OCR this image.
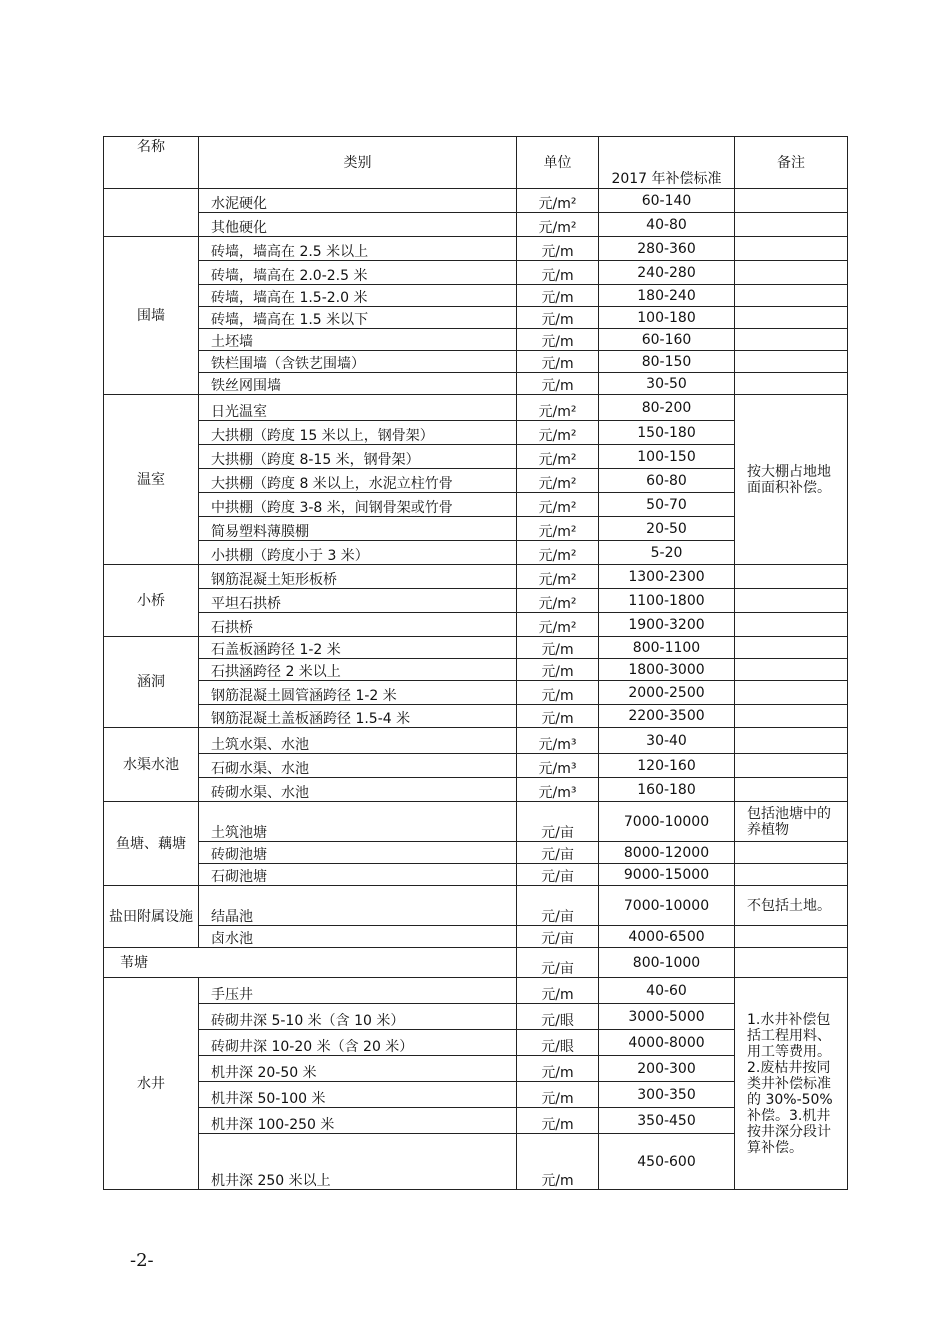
名称	类别	单位	2017 年补偿标准	备注
	水泥硬化	元/m²	60-140	
	其他硬化	元/m²	40-80	
围墙	砖墙，墙高在 2.5 米以上	元/m	280-360	
	砖墙，墙高在 2.0-2.5 米	元/m	240-280	
	砖墙，墙高在 1.5-2.0 米	元/m	180-240	
	砖墙，墙高在 1.5 米以下	元/m	100-180	
	土坯墙	元/m	60-160	
	铁栏围墙（含铁艺围墙）	元/m	80-150	
	铁丝网围墙	元/m	30-50	
温室	日光温室	元/m²	80-200	按大棚占地地面面积补偿。
	大拱棚（跨度 15 米以上，钢骨架）	元/m²	150-180	
	大拱棚（跨度 8-15 米，钢骨架）	元/m²	100-150	
	大拱棚（跨度 8 米以上，水泥立柱竹骨	元/m²	60-80	
	中拱棚（跨度 3-8 米，间钢骨架或竹骨	元/m²	50-70	
	简易塑料薄膜棚	元/m²	20-50	
	小拱棚（跨度小于 3 米）	元/m²	5-20	
小桥	钢筋混凝土矩形板桥	元/m²	1300-2300	
	平坦石拱桥	元/m²	1100-1800	
	石拱桥	元/m²	1900-3200	
涵洞	石盖板涵跨径 1-2 米	元/m	800-1100	
	石拱涵跨径 2 米以上	元/m	1800-3000	
	钢筋混凝土圆管涵跨径 1-2 米	元/m	2000-2500	
	钢筋混凝土盖板涵跨径 1.5-4 米	元/m	2200-3500	
水渠水池	土筑水渠、水池	元/m³	30-40	
	石砌水渠、水池	元/m³	120-160	
	砖砌水渠、水池	元/m³	160-180	
鱼塘、藕塘	土筑池塘	元/亩	7000-10000	包括池塘中的养植物
	砖砌池塘	元/亩	8000-12000	
	石砌池塘	元/亩	9000-15000	
盐田附属设施	结晶池	元/亩	7000-10000	不包括土地。
	卤水池	元/亩	4000-6500	
苇塘		元/亩	800-1000	
水井	手压井	元/m	40-60	1.水井补偿包括工程用料、用工等费用。2.废枯井按同类井补偿标准的 30%-50%补偿。3.机井按井深分段计算补偿。
	砖砌井深 5-10 米（含 10 米）	元/眼	3000-5000	
	砖砌井深 10-20 米（含 20 米）	元/眼	4000-8000	
	机井深 20-50 米	元/m	200-300	
	机井深 50-100 米	元/m	300-350	
	机井深 100-250 米	元/m	350-450	
	机井深 250 米以上	元/m	450-600	
-2-
